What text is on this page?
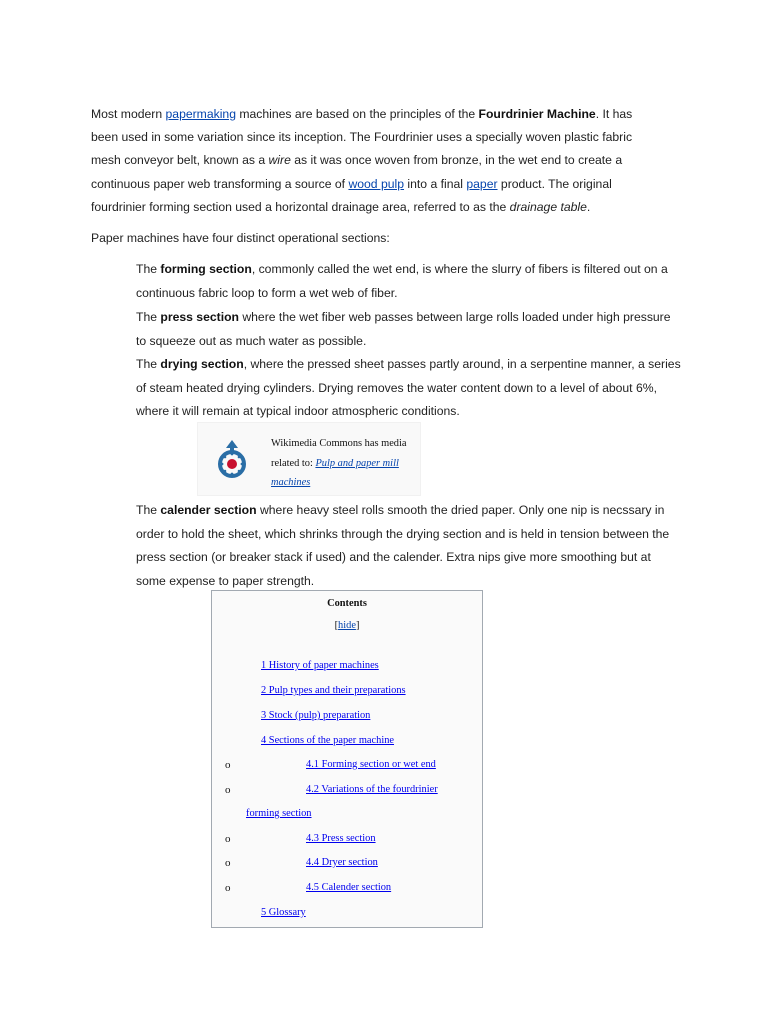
Most modern papermaking machines are based on the principles of the Fourdrinier Machine. It has been used in some variation since its inception. The Fourdrinier uses a specially woven plastic fabric mesh conveyor belt, known as a wire as it was once woven from bronze, in the wet end to create a continuous paper web transforming a source of wood pulp into a final paper product. The original fourdrinier forming section used a horizontal drainage area, referred to as the drainage table.

Paper machines have four distinct operational sections:

The forming section, commonly called the wet end, is where the slurry of fibers is filtered out on a continuous fabric loop to form a wet web of fiber.

The press section where the wet fiber web passes between large rolls loaded under high pressure to squeeze out as much water as possible.

The drying section, where the pressed sheet passes partly around, in a serpentine manner, a series of steam heated drying cylinders. Drying removes the water content down to a level of about 6%, where it will remain at typical indoor atmospheric conditions.

Wikimedia Commons has media related to: Pulp and paper mill machines

The calender section where heavy steel rolls smooth the dried paper. Only one nip is necssary in order to hold the sheet, which shrinks through the drying section and is held in tension between the press section (or breaker stack if used) and the calender. Extra nips give more smoothing but at some expense to paper strength.

Contents
[hide]
1 History of paper machines
2 Pulp types and their preparations
3 Stock (pulp) preparation
4 Sections of the paper machine
o	4.1 Forming section or wet end
o	4.2 Variations of the fourdrinier
forming section
o	4.3 Press section
o	4.4 Dryer section
o	4.5 Calender section
5 Glossary
